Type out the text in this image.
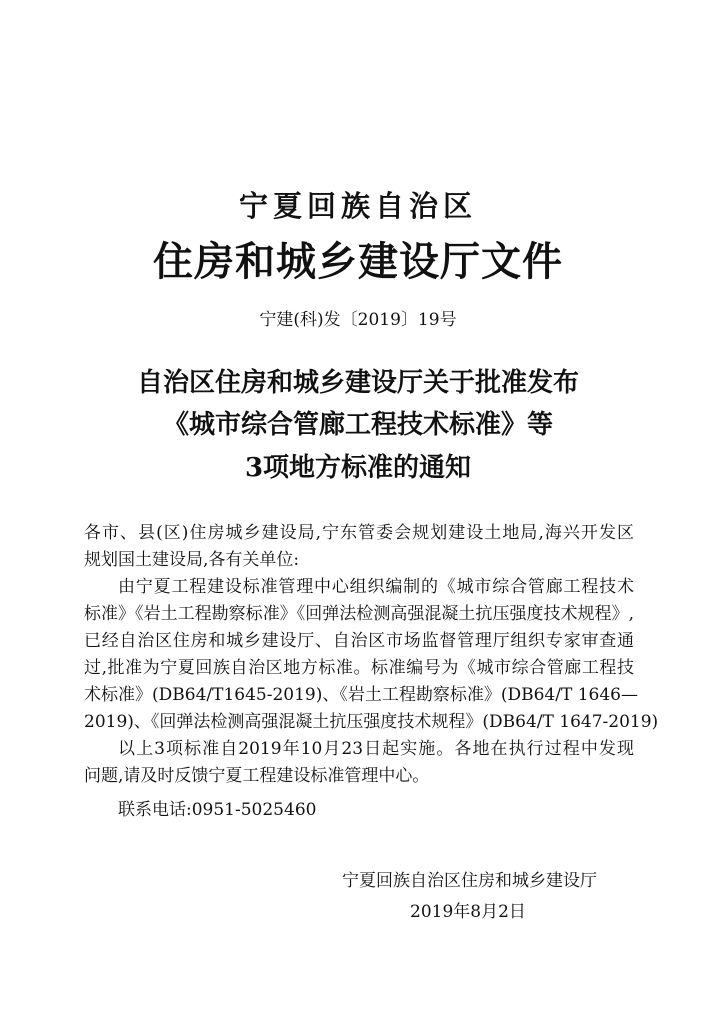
宁夏回族自治区
住房和城乡建设厅文件
宁建(科)发〔2019〕19号
自治区住房和城乡建设厅关于批准发布
《城市综合管廊工程技术标准》等
3项地方标准的通知
各市、县(区)住房城乡建设局,宁东管委会规划建设土地局,海兴开发区
规划国土建设局,各有关单位:
由宁夏工程建设标准管理中心组织编制的《城市综合管廊工程技术
标准》《岩土工程勘察标准》《回弹法检测高强混凝土抗压强度技术规程》,
已经自治区住房和城乡建设厅、自治区市场监督管理厅组织专家审查通
过,批准为宁夏回族自治区地方标准。标准编号为《城市综合管廊工程技
术标准》(DB64/T1645-2019)、《岩土工程勘察标准》(DB64/T 1646—
2019)、《回弹法检测高强混凝土抗压强度技术规程》(DB64/T 1647-2019)
以上3项标准自2019年10月23日起实施。各地在执行过程中发现
问题,请及时反馈宁夏工程建设标准管理中心。
联系电话:0951-5025460
宁夏回族自治区住房和城乡建设厅
2019年8月2日
